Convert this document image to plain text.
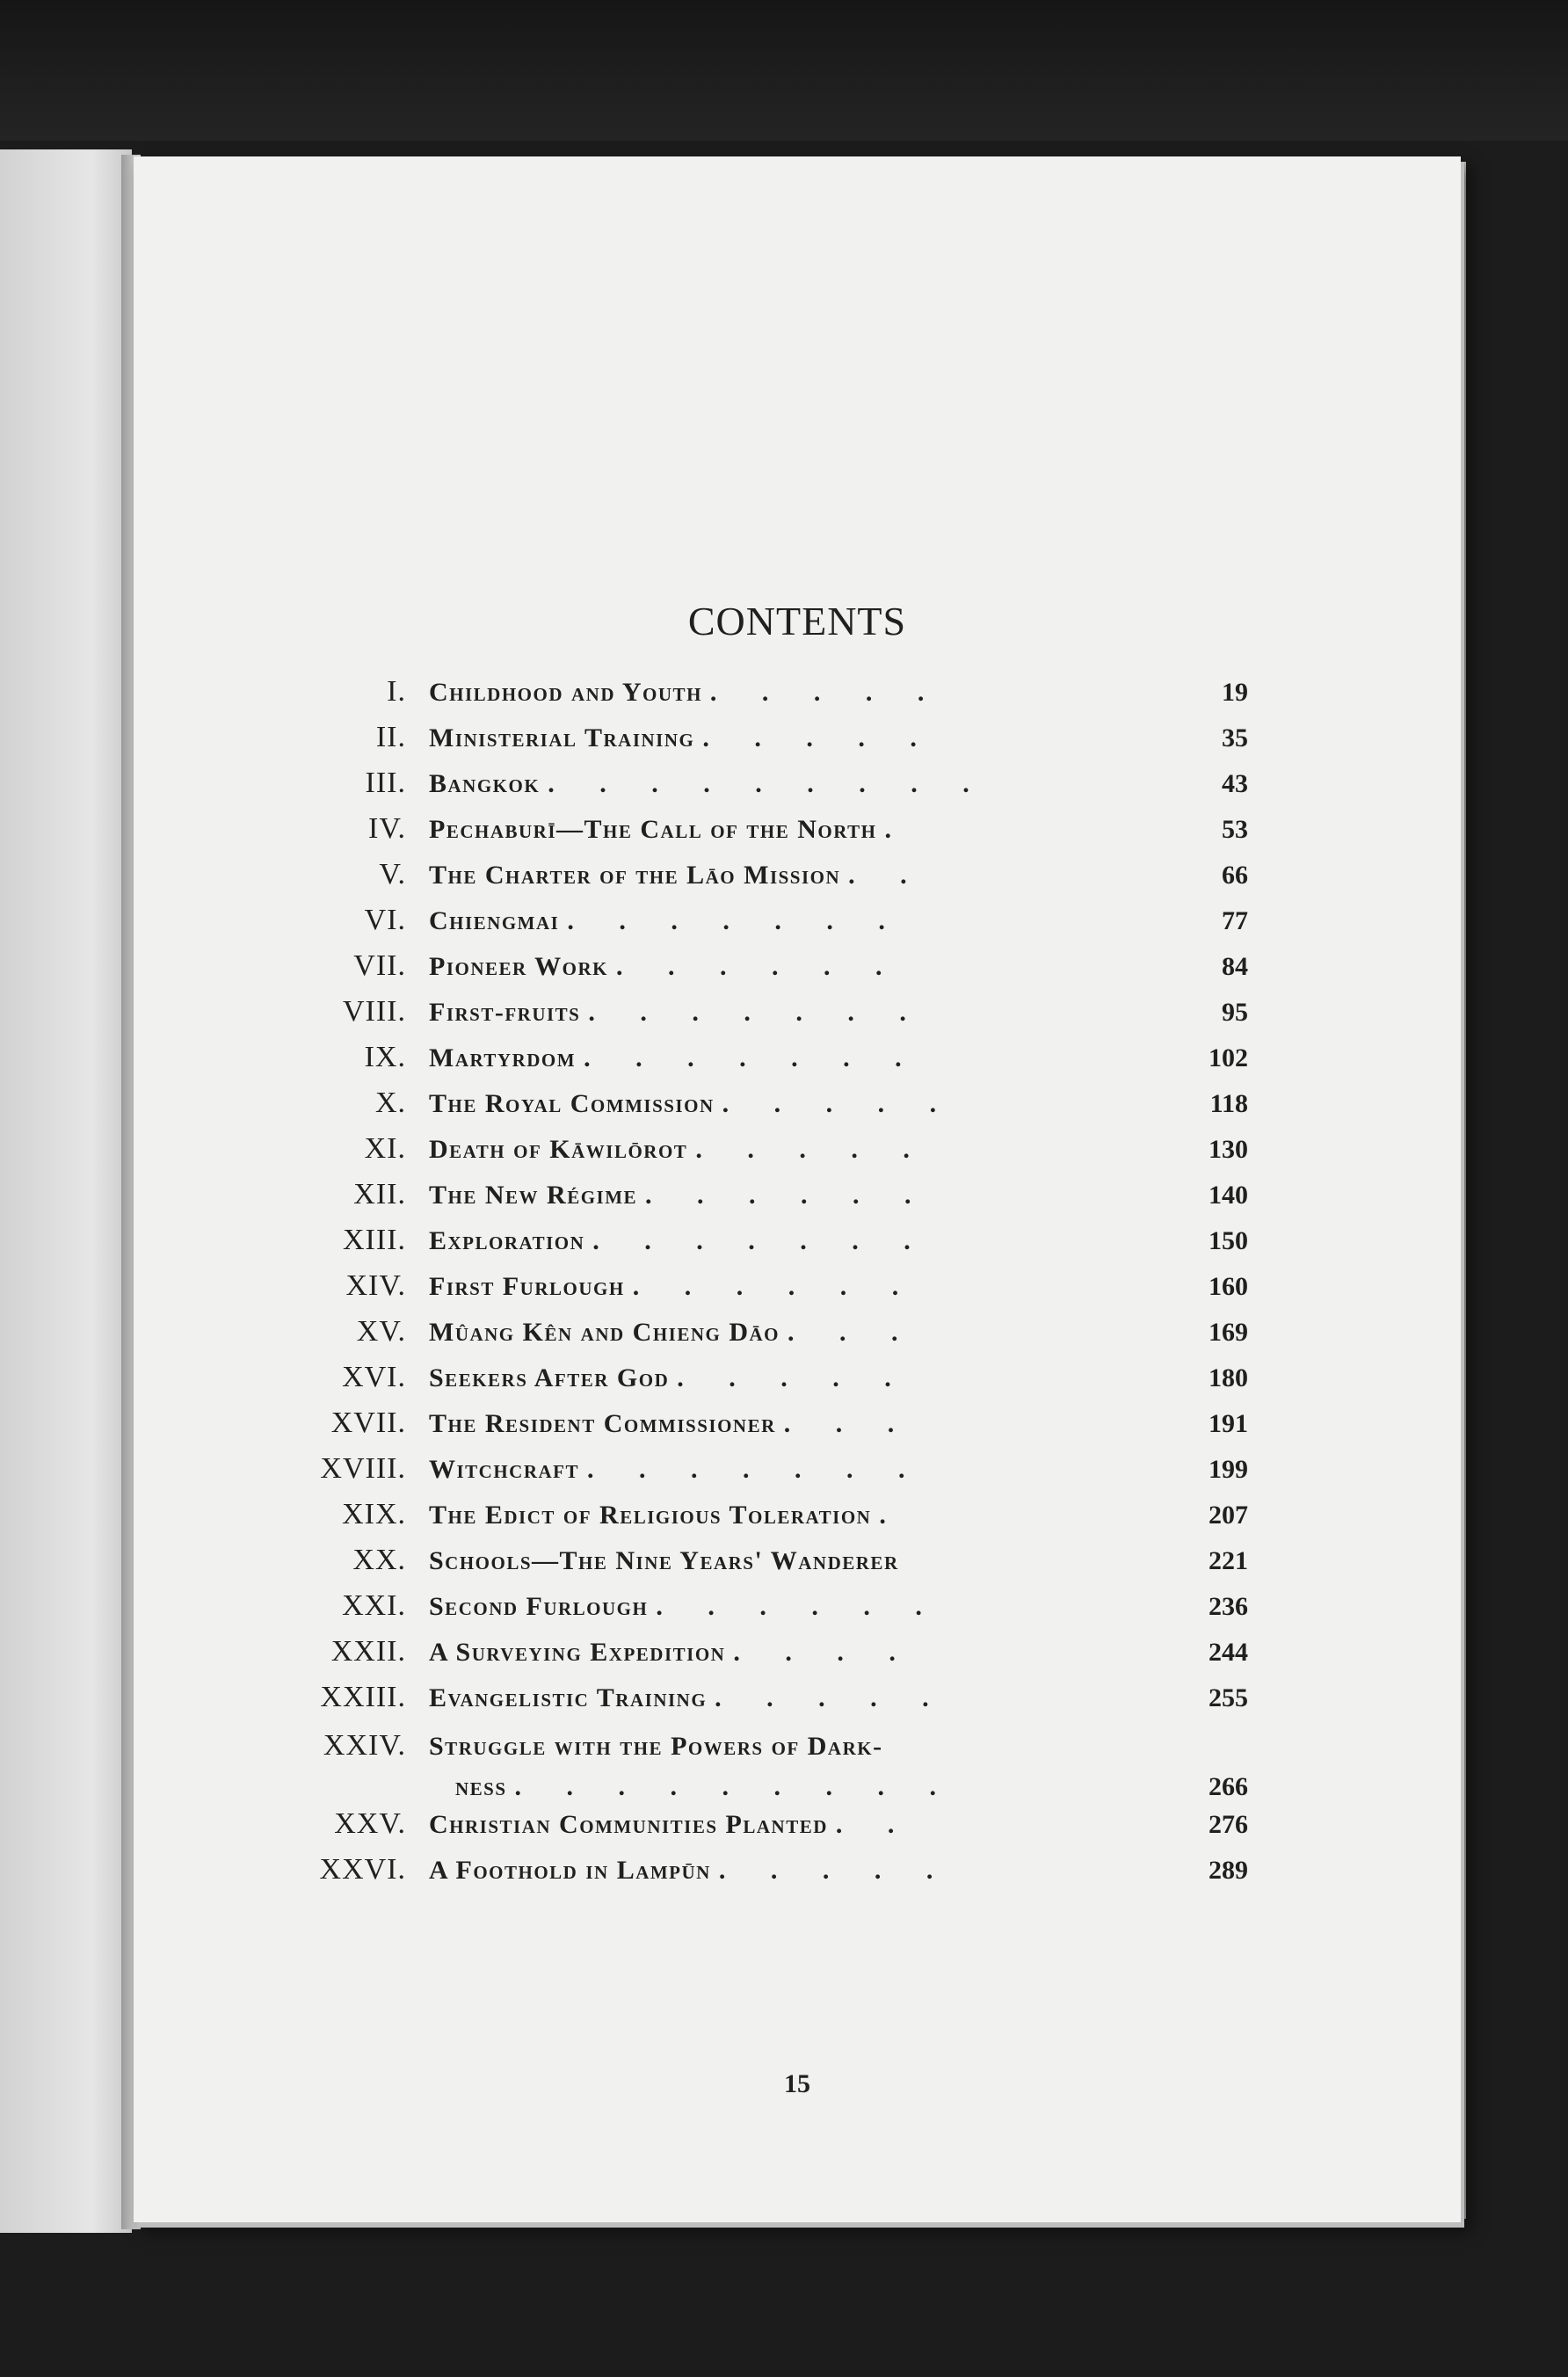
CONTENTS
I. Childhood and Youth . . . . .	19
II. Ministerial Training . . . . .	35
III. Bangkok . . . . . . . . .	43
IV. Pechaburī—The Call of the North .	53
V. The Charter of the Lāo Mission . .	66
VI. Chiengmai . . . . . . .	77
VII. Pioneer Work . . . . . .	84
VIII. First-fruits . . . . . . .	95
IX. Martyrdom . . . . . . .	102
X. The Royal Commission . . . . .	118
XI. Death of Kāwilōrot . . . . .	130
XII. The New Régime . . . . . .	140
XIII. Exploration . . . . . . .	150
XIV. First Furlough . . . . . .	160
XV. Mûang Kên and Chieng Dāo . . .	169
XVI. Seekers After God . . . . .	180
XVII. The Resident Commissioner . . .	191
XVIII. Witchcraft . . . . . . .	199
XIX. The Edict of Religious Toleration .	207
XX. Schools—The Nine Years' Wanderer	221
XXI. Second Furlough . . . . . .	236
XXII. A Surveying Expedition . . . .	244
XXIII. Evangelistic Training . . . . .	255
XXIV. Struggle with the Powers of Dark-
ness . . . . . . . . .	266
XXV. Christian Communities Planted . .	276
XXVI. A Foothold in Lampūn . . . . .	289
15
